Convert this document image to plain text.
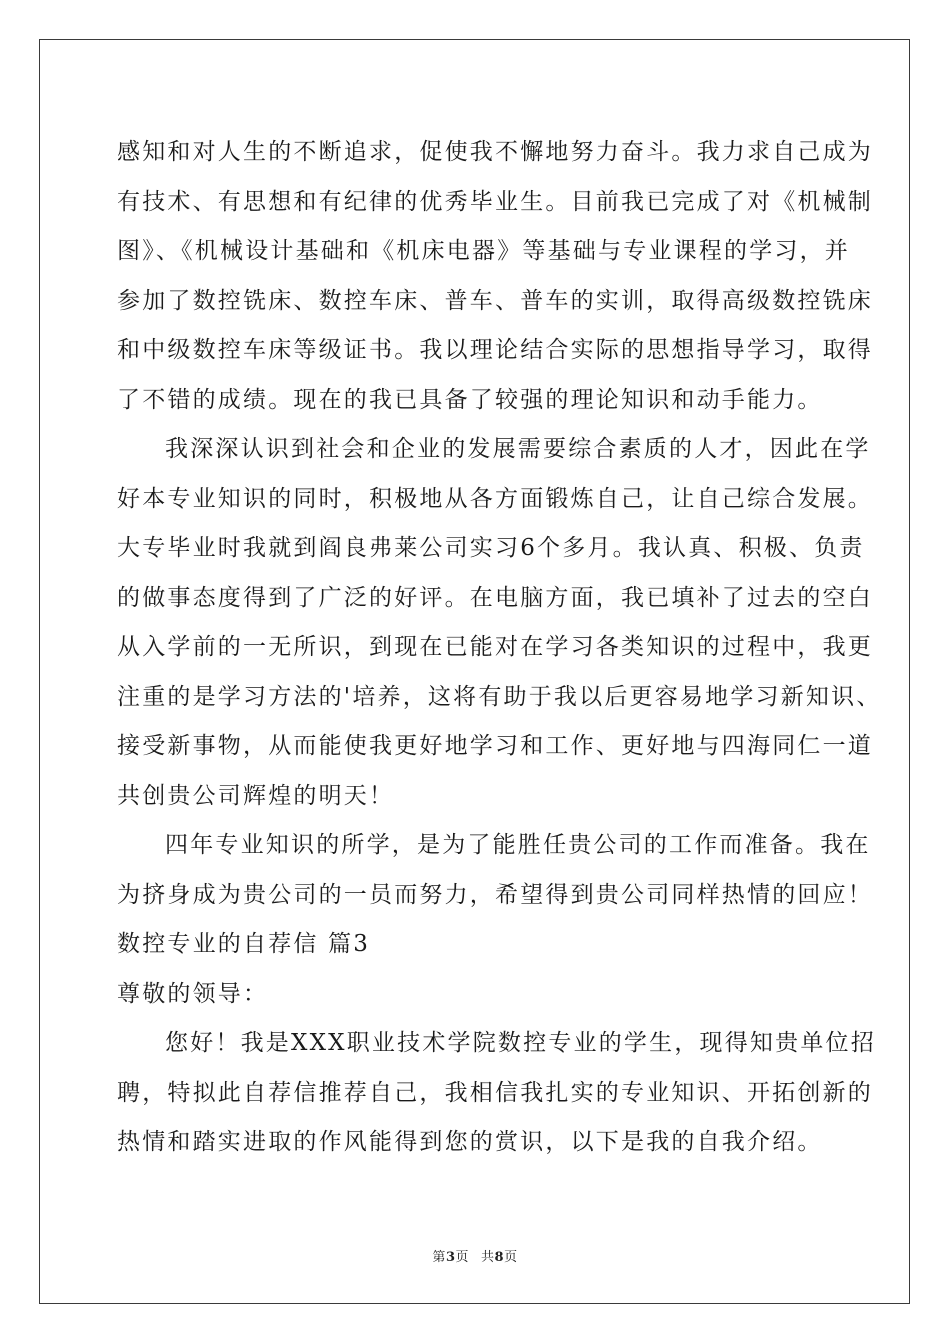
感知和对人生的不断追求，促使我不懈地努力奋斗。我力求自己成为
有技术、有思想和有纪律的优秀毕业生。目前我已完成了对《机械制
图》、《机械设计基础和《机床电器》等基础与专业课程的学习，并
参加了数控铣床、数控车床、普车、普车的实训，取得高级数控铣床
和中级数控车床等级证书。我以理论结合实际的思想指导学习，取得
了不错的成绩。现在的我已具备了较强的理论知识和动手能力。
我深深认识到社会和企业的发展需要综合素质的人才，因此在学
好本专业知识的同时，积极地从各方面锻炼自己，让自己综合发展。
大专毕业时我就到阎良弗莱公司实习6个多月。我认真、积极、负责
的做事态度得到了广泛的好评。在电脑方面，我已填补了过去的空白
从入学前的一无所识，到现在已能对在学习各类知识的过程中，我更
注重的是学习方法的'培养，这将有助于我以后更容易地学习新知识、
接受新事物，从而能使我更好地学习和工作、更好地与四海同仁一道
共创贵公司辉煌的明天！
四年专业知识的所学，是为了能胜任贵公司的工作而准备。我在
为挤身成为贵公司的一员而努力，希望得到贵公司同样热情的回应！
数控专业的自荐信 篇3
尊敬的领导：
您好！我是XXX职业技术学院数控专业的学生，现得知贵单位招
聘，特拟此自荐信推荐自己，我相信我扎实的专业知识、开拓创新的
热情和踏实进取的作风能得到您的赏识，以下是我的自我介绍。
第3页 共8页
